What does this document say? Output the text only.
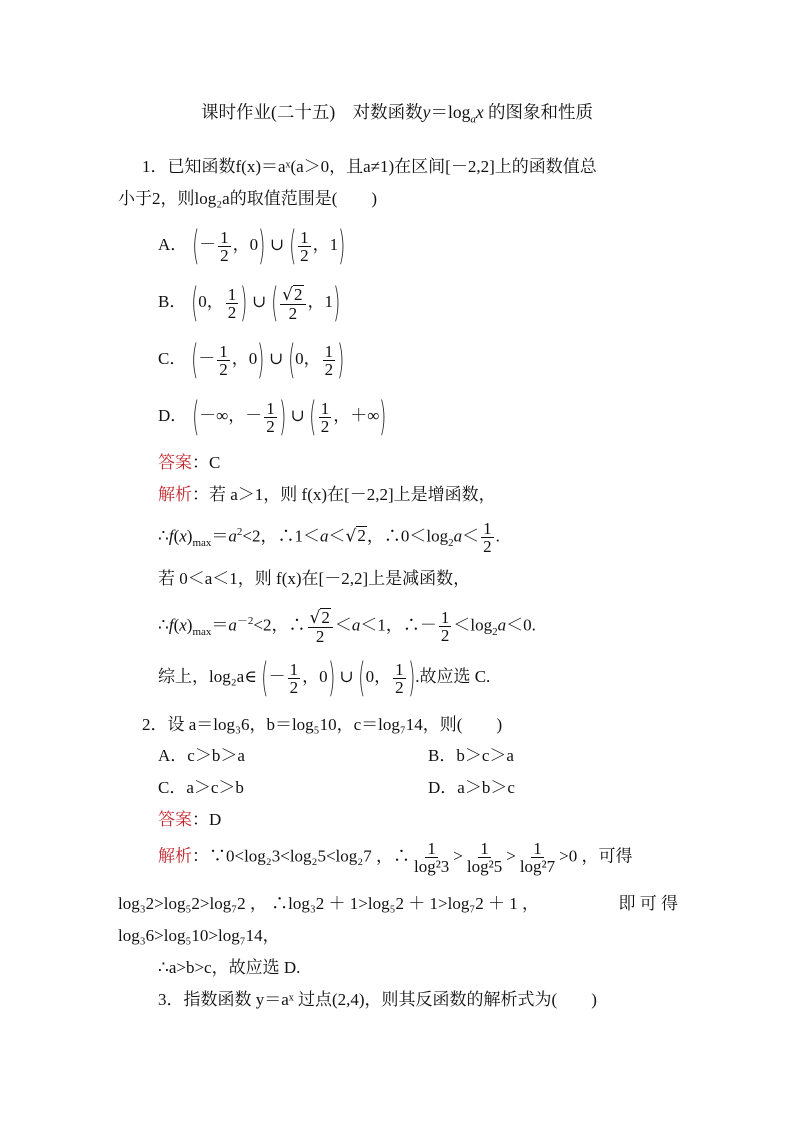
课时作业(二十五)　对数函数$y=\log_ax$ 的图象和性质
1．已知函数f(x)＝aˣ(a＞0，且a≠1)在区间[－2,2]上的函数值总
小于2，则log₂a的取值范围是(　　)
A． (－ $\frac{1}{2}$ ，0) ∪ ( $\frac{1}{2}$ ，1)
B． (0， $\frac{1}{2}$ ) ∪ ( $\frac{√2}{2}$ ，1)
C． (－ $\frac{1}{2}$ ，0) ∪ (0， $\frac{1}{2}$ )
D． (－∞，－ $\frac{1}{2}$ ) ∪ ( $\frac{1}{2}$ ，＋∞)
答案：C
解析：若 a＞1，则 f(x)在[－2,2]上是增函数，
$\therefore f(x)_{max}=a^2<2$，∴1＜a＜√2，$\therefore 0<\log_2a< \frac{1}{2}$ .
若 0＜a＜1，则 f(x)在[－2,2]上是减函数，
$\therefore f(x)_{max}=a^{-2}<2$，∴ $\frac{√2}{2} <a<1$，∴－ $\frac{1}{2} <\log_2a<0$.
综上，log₂a∈ (－ $\frac{1}{2}$ ，0) ∪ (0， $\frac{1}{2}$ ).故应选 C.
2．设 a＝log₃6，b＝log₅10，c＝log₇14，则(　　)
A．c＞b＞a	B．b＞c＞a
C．a＞c＞b	D．a＞b＞c
答案：D
解析：∵0<log₂3<log₂5<log₂7 ，∴ $\frac{1}{\text{log²3}} > \frac{1}{\text{log²5}} > \frac{1}{\text{log²7}} >0$ ，可得
log₃2>log₅2>log₇2 ， ∴log₃2 ＋ 1>log₅2 ＋ 1>log₇2 ＋ 1 ，	即 可 得
log₃6>log₅10>log₇14，
∴a>b>c，故应选 D.
3．指数函数 y＝aˣ 过点(2,4)，则其反函数的解析式为(　　)
